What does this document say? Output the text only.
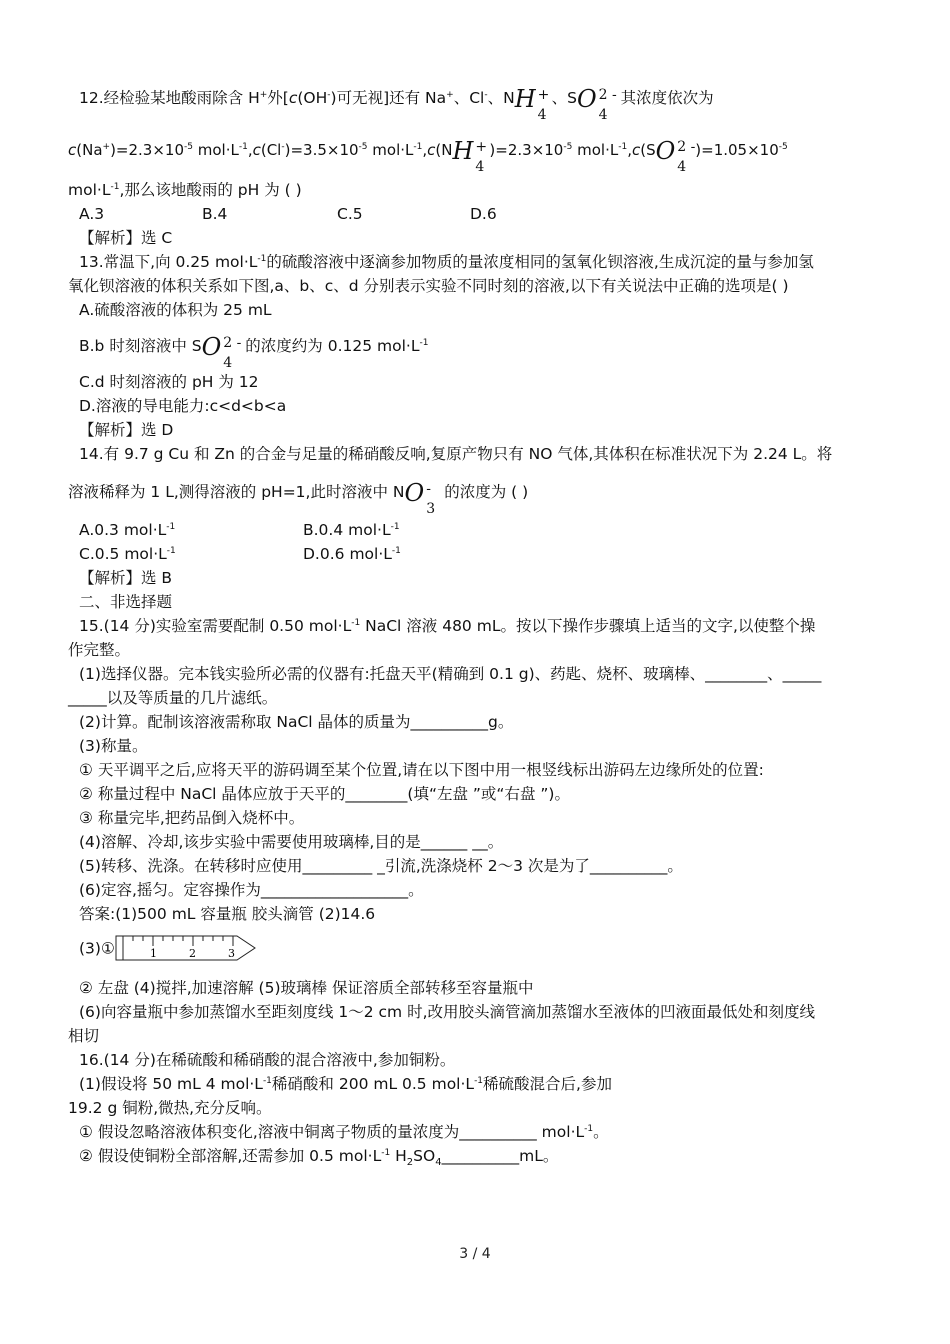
12.经检验某地酸雨除含 H+外[c(OH-)可无视]还有 Na+、Cl-、NH +
4
、SO 2 -
4
其浓度依次为
$c(Na^+)=2.3\times 10^{-5}$ $mol\cdot L^{-1},c(Cl^-)=3.5\times 10^{-5}$ $mol\cdot L^{-1},c(NH$ +
4
)$=2.3\times 10^{-5}$ $mol\cdot L^{-1},c(SO$ 2 -
4
)$=1.05\times 10^{-5}$
$mol\cdot L^{-1}$,那么该地酸雨的 pH 为 ( )
A.3	B.4	C.5	D.6
【解析】选 C
13.常温下,向 0.25 $mol\cdot L^{-1}$的硫酸溶液中逐滴参加物质的量浓度相同的氢氧化钡溶液,生成沉淀的量与参加氢
氧化钡溶液的体积关系如下图,a、b、c、d 分别表示实验不同时刻的溶液,以下有关说法中正确的选项是( )
A.硫酸溶液的体积为 25 mL
B.b 时刻溶液中 SO 2 -
4
的浓度约为 0.125 $mol\cdot L^{-1}$
C.d 时刻溶液的 pH 为 12
D.溶液的导电能力:c<d<b<a
【解析】选 D
14.有 9.7 g Cu 和 Zn 的合金与足量的稀硝酸反响,复原产物只有 NO 气体,其体积在标准状况下为 2.24 L。将
溶液稀释为 1 L,测得溶液的 pH=1,此时溶液中 NO -
3
的浓度为 ( )
A.0.3 $mol\cdot L^{-1}$	B.0.4 $mol\cdot L^{-1}$
C.0.5 $mol\cdot L^{-1}$	D.0.6 $mol\cdot L^{-1}$
【解析】选 B
二、非选择题
15.(14 分)实验室需要配制 0.50 $mol\cdot L^{-1}$ NaCl 溶液 480 mL。按以下操作步骤填上适当的文字,以使整个操
作完整。
(1)选择仪器。完本钱实验所必需的仪器有:托盘天平(精确到 0.1 g)、药匙、烧杯、玻璃棒、________、_____
_____以及等质量的几片滤纸。
(2)计算。配制该溶液需称取 NaCl 晶体的质量为__________g。
(3)称量。
① 天平调平之后,应将天平的游码调至某个位置,请在以下图中用一根竖线标出游码左边缘所处的位置:
② 称量过程中 NaCl 晶体应放于天平的________(填“左盘 ”或“右盘 ”)。
③ 称量完毕,把药品倒入烧杯中。
(4)溶解、冷却,该步实验中需要使用玻璃棒,目的是______ __。
(5)转移、洗涤。在转移时应使用_________ _引流,洗涤烧杯 2～3 次是为了__________。
(6)定容,摇匀。定容操作为___________________。
答案:(1)500 mL 容量瓶 胶头滴管 (2)14.6
(3)①	1	2	3
② 左盘 (4)搅拌,加速溶解 (5)玻璃棒 保证溶质全部转移至容量瓶中
(6)向容量瓶中参加蒸馏水至距刻度线 1～2 cm 时,改用胶头滴管滴加蒸馏水至液体的凹液面最低处和刻度线
相切
16.(14 分)在稀硫酸和稀硝酸的混合溶液中,参加铜粉。
(1)假设将 50 mL 4 $mol\cdot L^{-1}$稀硝酸和 200 mL 0.5 $mol\cdot L^{-1}$稀硫酸混合后,参加
19.2 g 铜粉,微热,充分反响。
① 假设忽略溶液体积变化,溶液中铜离子物质的量浓度为__________ $mol\cdot L^{-1}$。
② 假设使铜粉全部溶解,还需参加 0.5 $mol\cdot L^{-1}$ $H_2SO_4\_\_\_\_\_\_\_\_\_\_mL$。
3 / 4
